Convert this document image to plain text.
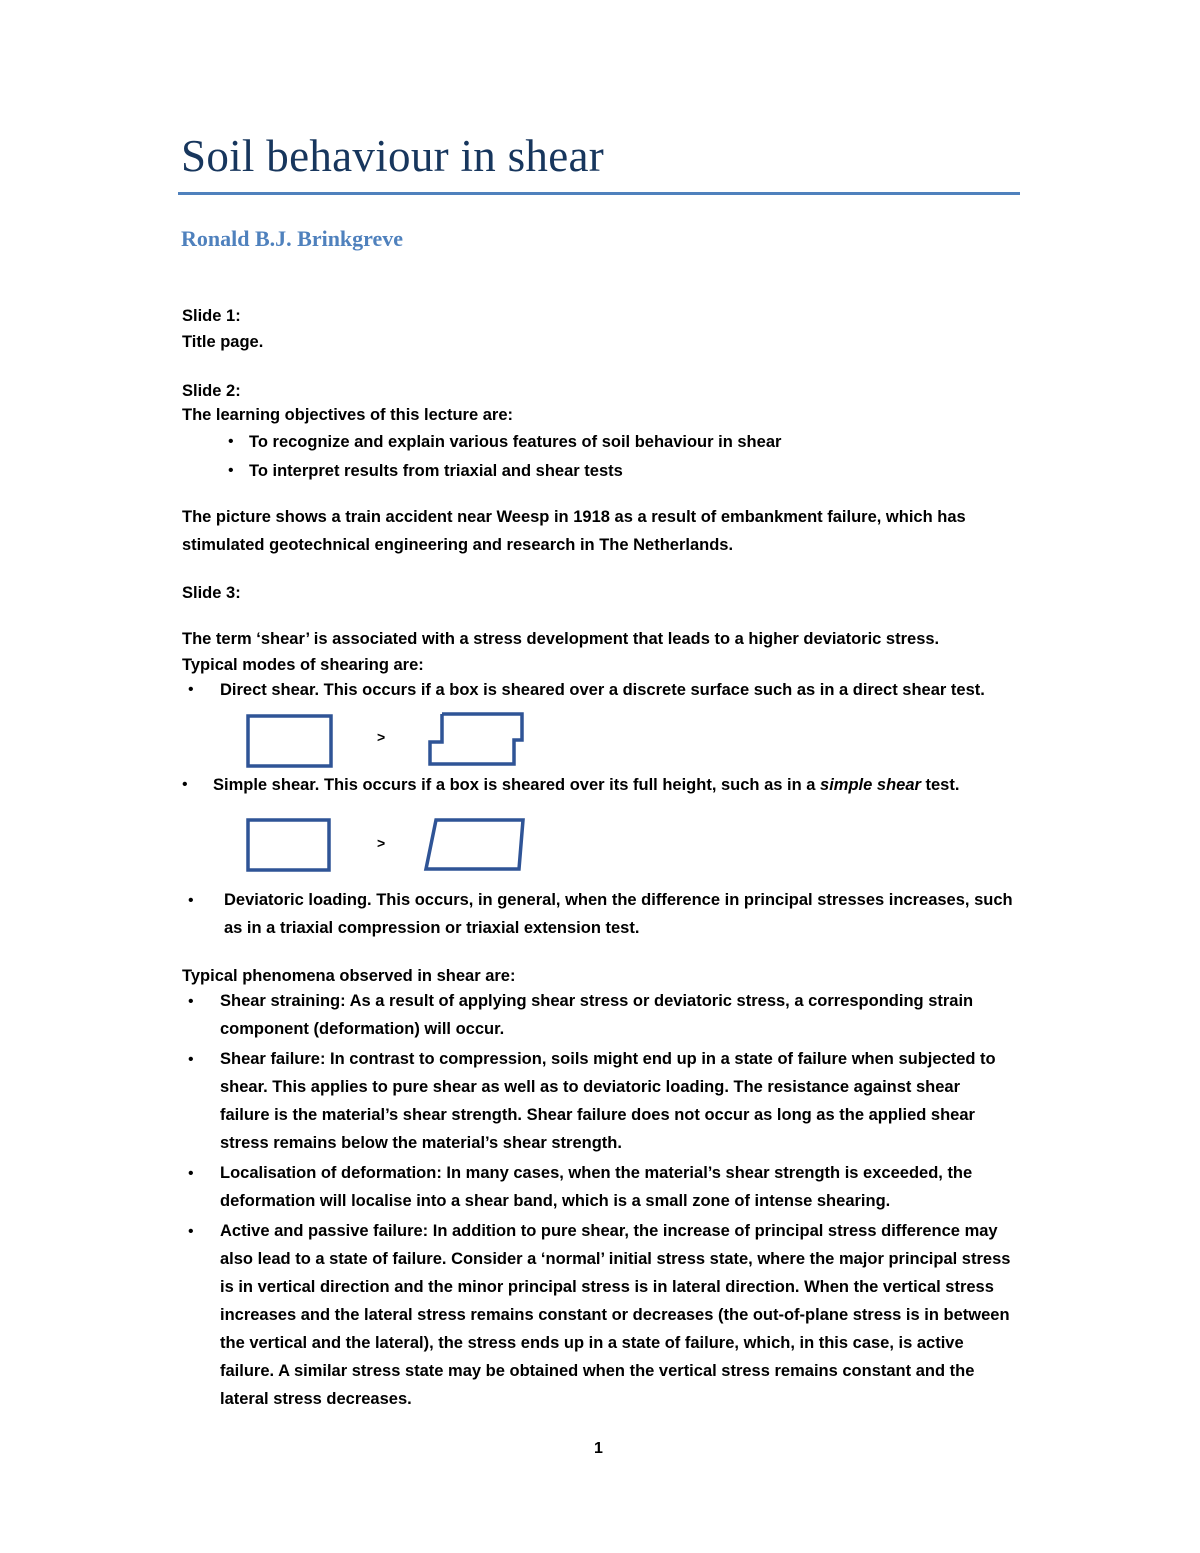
Soil behaviour in shear
Ronald B.J. Brinkgreve
Slide 1:
Title page.
Slide 2:
The learning objectives of this lecture are:
• To recognize and explain various features of soil behaviour in shear
• To interpret results from triaxial and shear tests
The picture shows a train accident near Weesp in 1918 as a result of embankment failure, which has stimulated geotechnical engineering and research in The Netherlands.
Slide 3:
The term ‘shear’ is associated with a stress development that leads to a higher deviatoric stress.
Typical modes of shearing are:
• Direct shear. This occurs if a box is sheared over a discrete surface such as in a direct shear test.
>
• Simple shear. This occurs if a box is sheared over its full height, such as in a simple shear test.
>
• Deviatoric loading. This occurs, in general, when the difference in principal stresses increases, such as in a triaxial compression or triaxial extension test.
Typical phenomena observed in shear are:
• Shear straining: As a result of applying shear stress or deviatoric stress, a corresponding strain component (deformation) will occur.
• Shear failure: In contrast to compression, soils might end up in a state of failure when subjected to shear. This applies to pure shear as well as to deviatoric loading. The resistance against shear failure is the material’s shear strength. Shear failure does not occur as long as the applied shear stress remains below the material’s shear strength.
• Localisation of deformation: In many cases, when the material’s shear strength is exceeded, the deformation will localise into a shear band, which is a small zone of intense shearing.
• Active and passive failure: In addition to pure shear, the increase of principal stress difference may also lead to a state of failure. Consider a ‘normal’ initial stress state, where the major principal stress is in vertical direction and the minor principal stress is in lateral direction. When the vertical stress increases and the lateral stress remains constant or decreases (the out-of-plane stress is in between the vertical and the lateral), the stress ends up in a state of failure, which, in this case, is active failure. A similar stress state may be obtained when the vertical stress remains constant and the lateral stress decreases.
1
